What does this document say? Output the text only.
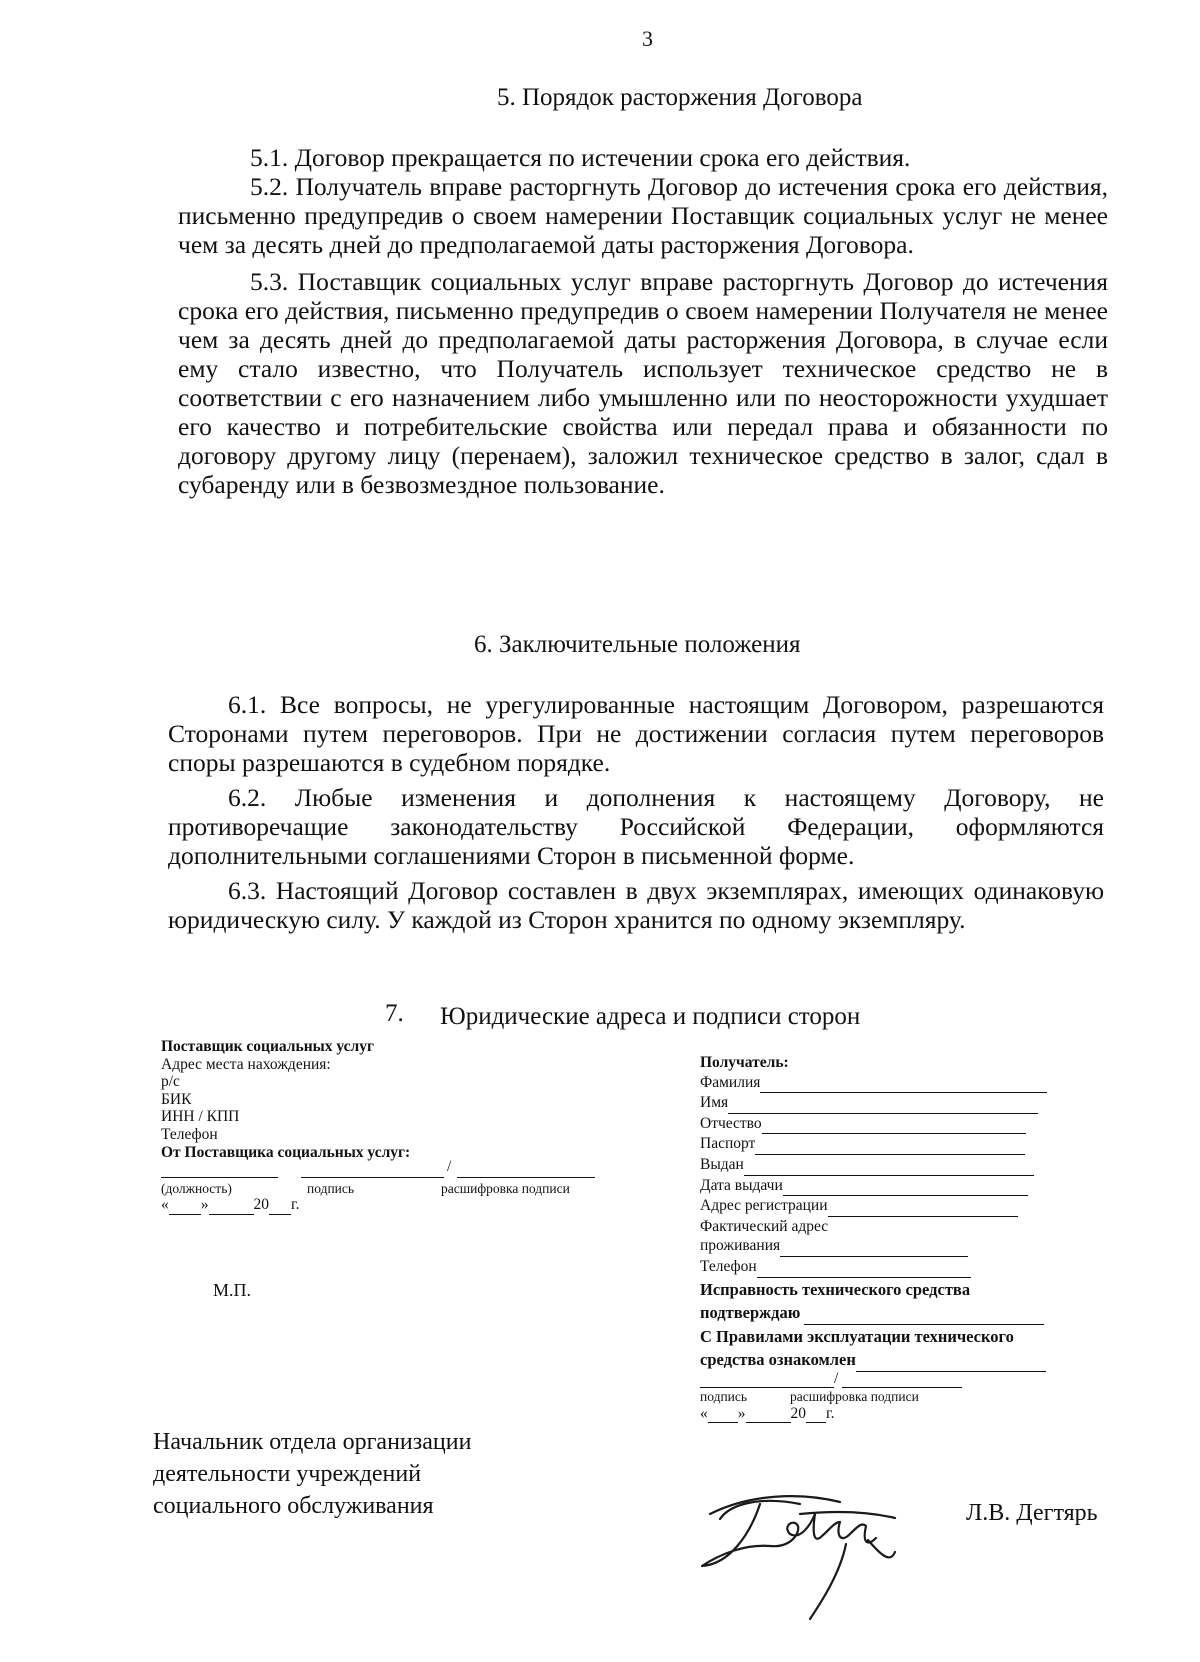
3
5. Порядок расторжения Договора

5.1. Договор прекращается по истечении срока его действия.

5.2. Получатель вправе расторгнуть Договор до истечения срока его действия, письменно предупредив о своем намерении Поставщик социальных услуг не менее чем за десять дней до предполагаемой даты расторжения Договора.

5.3. Поставщик социальных услуг вправе расторгнуть Договор до истечения срока его действия, письменно предупредив о своем намерении Получателя не менее чем за десять дней до предполагаемой даты расторжения Договора, в случае если ему стало известно, что Получатель использует техническое средство не в соответствии с его назначением либо умышленно или по неосторожности ухудшает его качество и потребительские свойства или передал права и обязанности по договору другому лицу (перенаем), заложил техническое средство в залог, сдал в субаренду или в безвозмездное пользование.

6. Заключительные положения

6.1. Все вопросы, не урегулированные настоящим Договором, разрешаются Сторонами путем переговоров. При не достижении согласия путем переговоров споры разрешаются в судебном порядке.

6.2. Любые изменения и дополнения к настоящему Договору, не противоречащие законодательству Российской Федерации, оформляются дополнительными соглашениями Сторон в письменной форме.

6.3. Настоящий Договор составлен в двух экземплярах, имеющих одинаковую юридическую силу. У каждой из Сторон хранится по одному экземпляру.

7. Юридические адреса и подписи сторон
Поставщик социальных услуг
Адрес места нахождения:
р/с
БИК
ИНН / КПП
Телефон
От Поставщика социальных услуг:
/
(должность)	подпись	расшифровка подписи
« »	20 г.
М.П.
Получатель:
Фамилия
Имя
Отчество
Паспорт
Выдан
Дата выдачи
Адрес регистрации
Фактический адрес
проживания
Телефон
Исправность технического средства
подтверждаю
С Правилами эксплуатации технического
средства ознакомлен
/
подпись	расшифровка подписи
« »	20 г.
Начальник отдела организации
деятельности учреждений
социального обслуживания	Л.В. Дегтярь
